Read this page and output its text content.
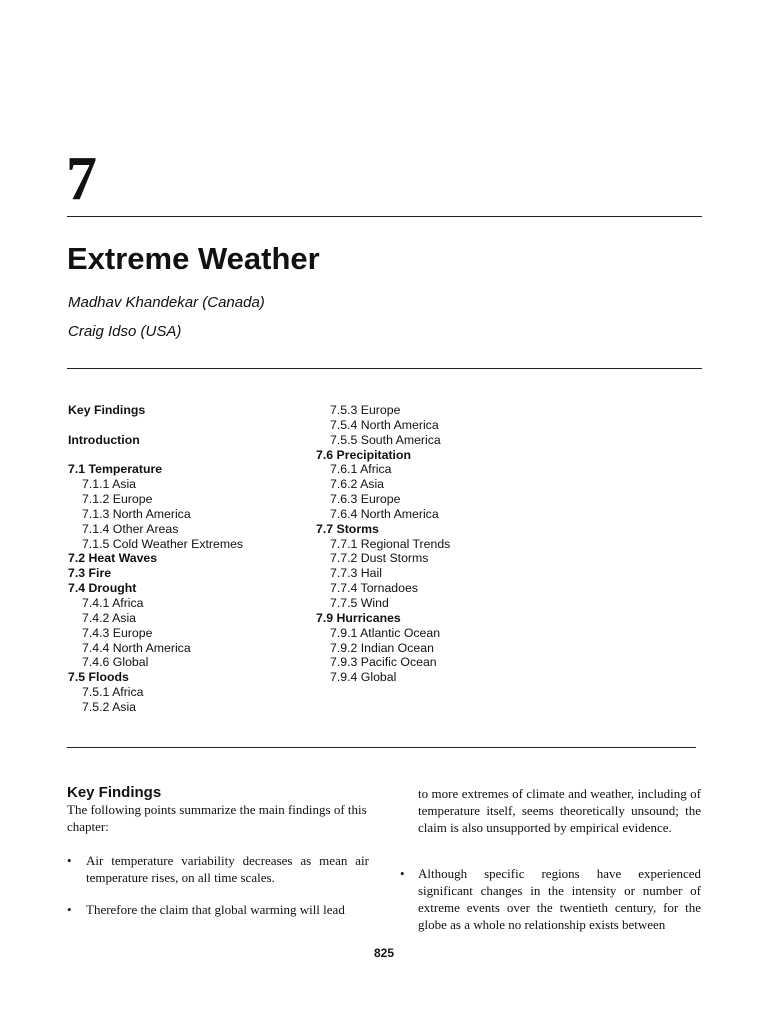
7
Extreme Weather

Madhav Khandekar (Canada)

Craig Idso (USA)

Key Findings
Introduction
7.1 Temperature
7.1.1 Asia
7.1.2 Europe
7.1.3 North America
7.1.4 Other Areas
7.1.5 Cold Weather Extremes
7.2 Heat Waves
7.3 Fire
7.4 Drought
7.4.1 Africa
7.4.2 Asia
7.4.3 Europe
7.4.4 North America
7.4.6 Global
7.5 Floods
7.5.1 Africa
7.5.2 Asia
7.5.3 Europe
7.5.4 North America
7.5.5 South America
7.6 Precipitation
7.6.1 Africa
7.6.2 Asia
7.6.3 Europe
7.6.4 North America
7.7 Storms
7.7.1 Regional Trends
7.7.2 Dust Storms
7.7.3 Hail
7.7.4 Tornadoes
7.7.5 Wind
7.9 Hurricanes
7.9.1 Atlantic Ocean
7.9.2 Indian Ocean
7.9.3 Pacific Ocean
7.9.4 Global
Key Findings

The following points summarize the main findings of this chapter:

• Air temperature variability decreases as mean air temperature rises, on all time scales.

• Therefore the claim that global warming will lead

to more extremes of climate and weather, including of temperature itself, seems theoretically unsound; the claim is also unsupported by empirical evidence.

• Although specific regions have experienced significant changes in the intensity or number of extreme events over the twentieth century, for the globe as a whole no relationship exists between

825
